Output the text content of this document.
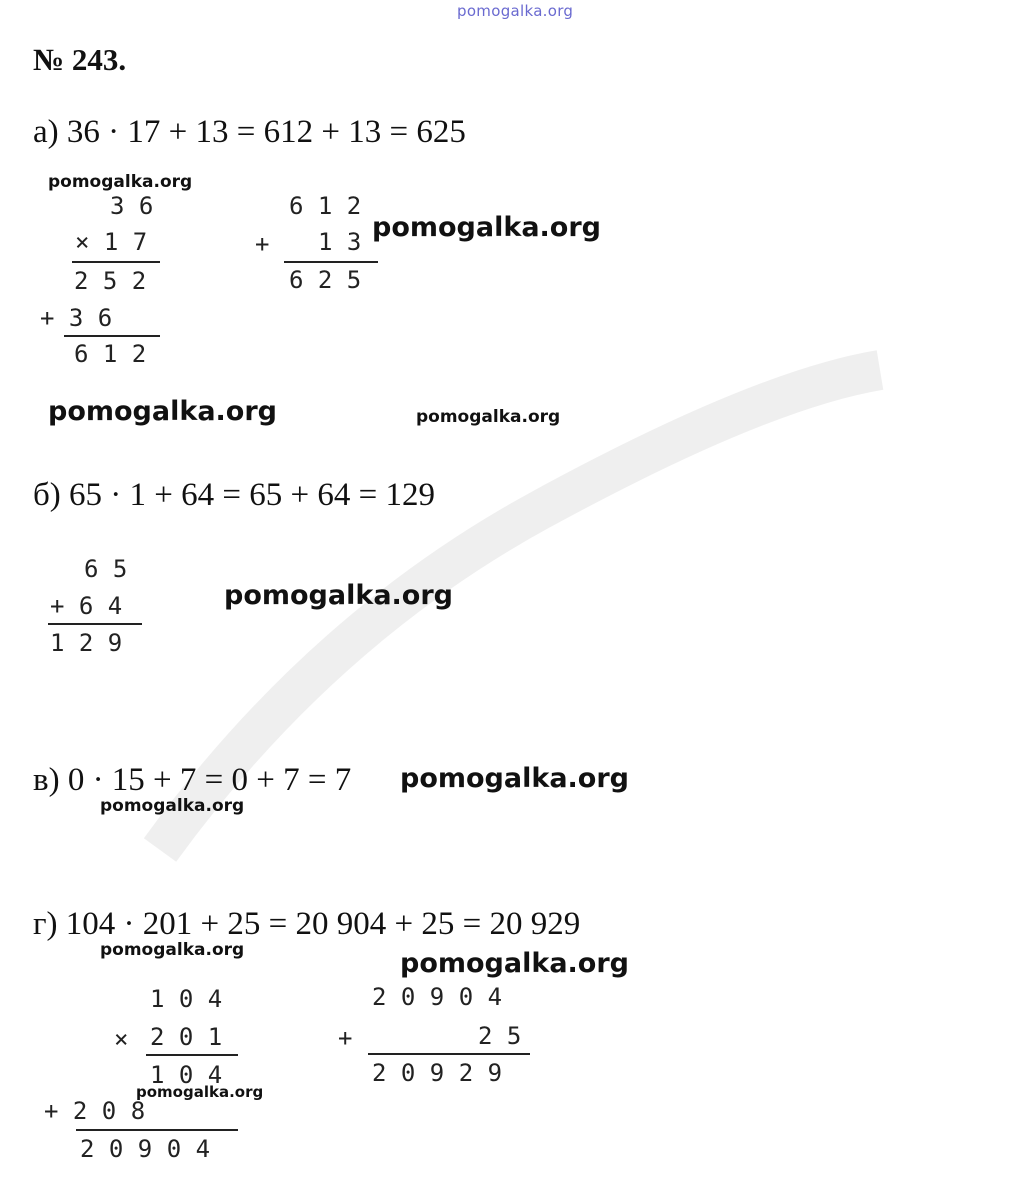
pomogalka.org
№ 243.
а) 36 · 17 + 13 = 612 + 13 = 625
pomogalka.org
3 6
× 1 7
2 5 2
+ 3 6
6 1 2
6 1 2
+ 1 3
6 2 5
pomogalka.org
pomogalka.org	pomogalka.org
б) 65 · 1 + 64 = 65 + 64 = 129
6 5
+ 6 4
1 2 9
pomogalka.org
в) 0 · 15 + 7 = 0 + 7 = 7 pomogalka.org
pomogalka.org
г) 104 · 201 + 25 = 20 904 + 25 = 20 929
pomogalka.org	pomogalka.org
1 0 4
× 2 0 1
1 0 4
pomogalka.org
+ 2 0 8
2 0 9 0 4
2 0 9 0 4
+	2 5
2 0 9 2 9
